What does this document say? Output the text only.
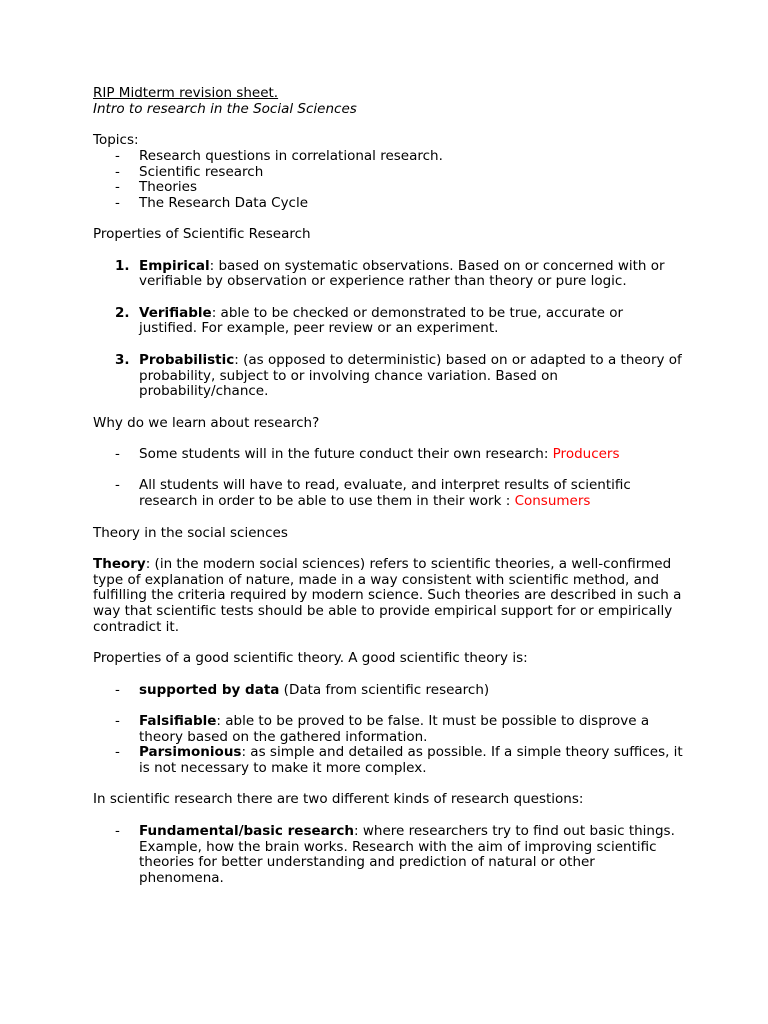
RIP Midterm revision sheet.

Intro to research in the Social Sciences

Topics:

- Research questions in correlational research.
- Scientific research
- Theories
- The Research Data Cycle

Properties of Scientific Research

1. Empirical: based on systematic observations. Based on or concerned with or verifiable by observation or experience rather than theory or pure logic.
2. Verifiable: able to be checked or demonstrated to be true, accurate or justified. For example, peer review or an experiment.
3. Probabilistic: (as opposed to deterministic) based on or adapted to a theory of probability, subject to or involving chance variation. Based on probability/chance.

Why do we learn about research?

- Some students will in the future conduct their own research: Producers
- All students will have to read, evaluate, and interpret results of scientific research in order to be able to use them in their work : Consumers

Theory in the social sciences

Theory: (in the modern social sciences) refers to scientific theories, a well-confirmed type of explanation of nature, made in a way consistent with scientific method, and fulfilling the criteria required by modern science. Such theories are described in such a way that scientific tests should be able to provide empirical support for or empirically contradict it.

Properties of a good scientific theory. A good scientific theory is:

- supported by data (Data from scientific research)
- Falsifiable: able to be proved to be false. It must be possible to disprove a theory based on the gathered information.
- Parsimonious: as simple and detailed as possible. If a simple theory suffices, it is not necessary to make it more complex.

In scientific research there are two different kinds of research questions:

- Fundamental/basic research: where researchers try to find out basic things. Example, how the brain works. Research with the aim of improving scientific theories for better understanding and prediction of natural or other phenomena.
